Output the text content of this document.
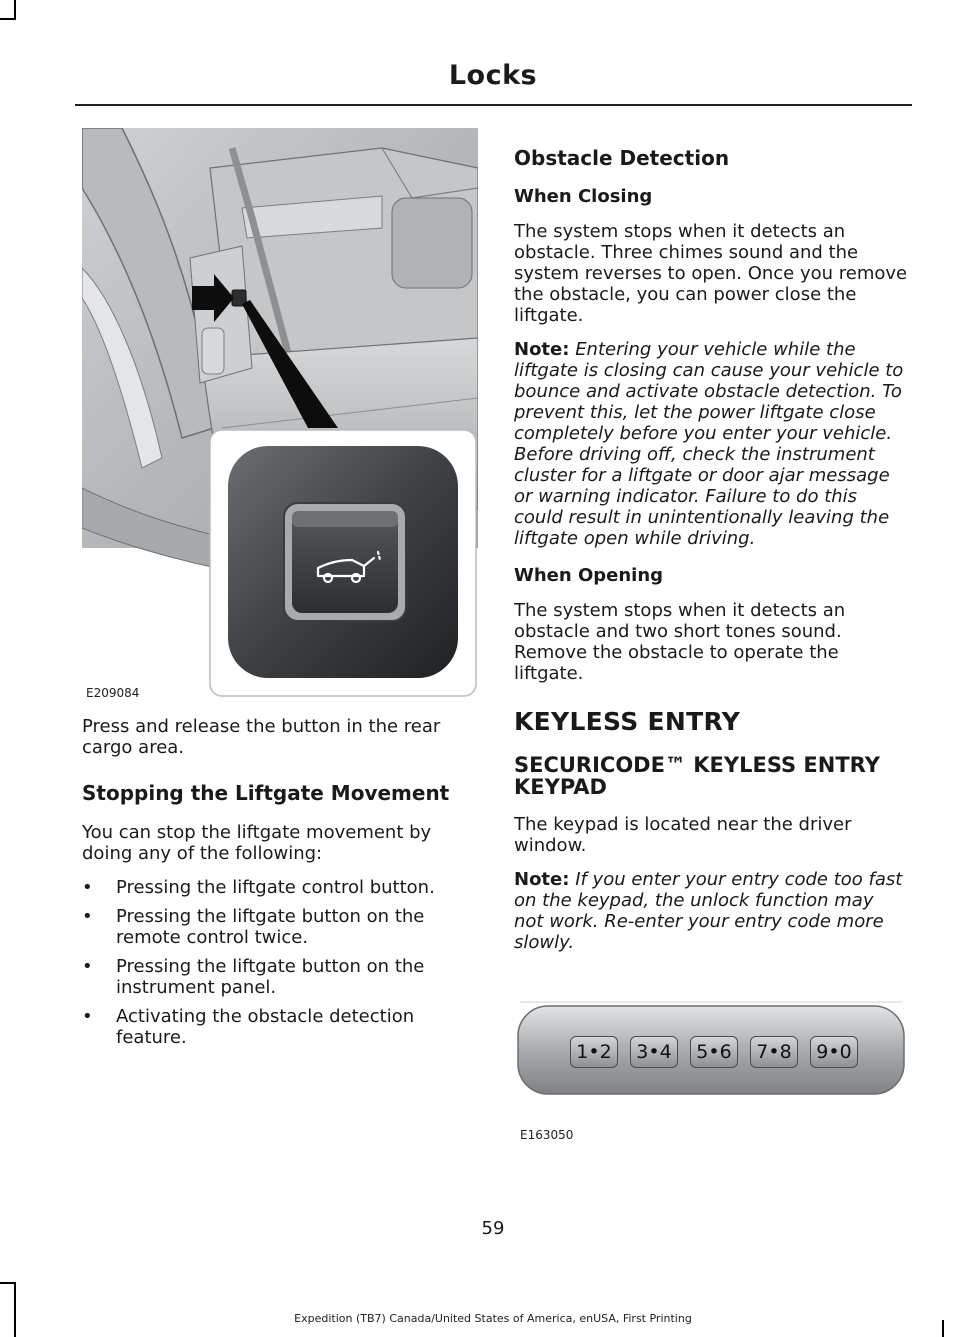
Locks
E209084

Press and release the button in the rear cargo area.

Stopping the Liftgate Movement

You can stop the liftgate movement by doing any of the following:

• Pressing the liftgate control button.
• Pressing the liftgate button on the remote control twice.
• Pressing the liftgate button on the instrument panel.
• Activating the obstacle detection feature.
Obstacle Detection
When Closing

The system stops when it detects an obstacle. Three chimes sound and the system reverses to open. Once you remove the obstacle, you can power close the liftgate.

Note: Entering your vehicle while the liftgate is closing can cause your vehicle to bounce and activate obstacle detection. To prevent this, let the power liftgate close completely before you enter your vehicle. Before driving off, check the instrument cluster for a liftgate or door ajar message or warning indicator. Failure to do this could result in unintentionally leaving the liftgate open while driving.

When Opening

The system stops when it detects an obstacle and two short tones sound. Remove the obstacle to operate the liftgate.

KEYLESS ENTRY
SECURICODE™ KEYLESS ENTRY KEYPAD

The keypad is located near the driver window.

Note: If you enter your entry code too fast on the keypad, the unlock function may not work. Re-enter your entry code more slowly.

1•2 3•4 5•6 7•8 9•0
E163050
59
Expedition (TB7) Canada/United States of America, enUSA, First Printing
